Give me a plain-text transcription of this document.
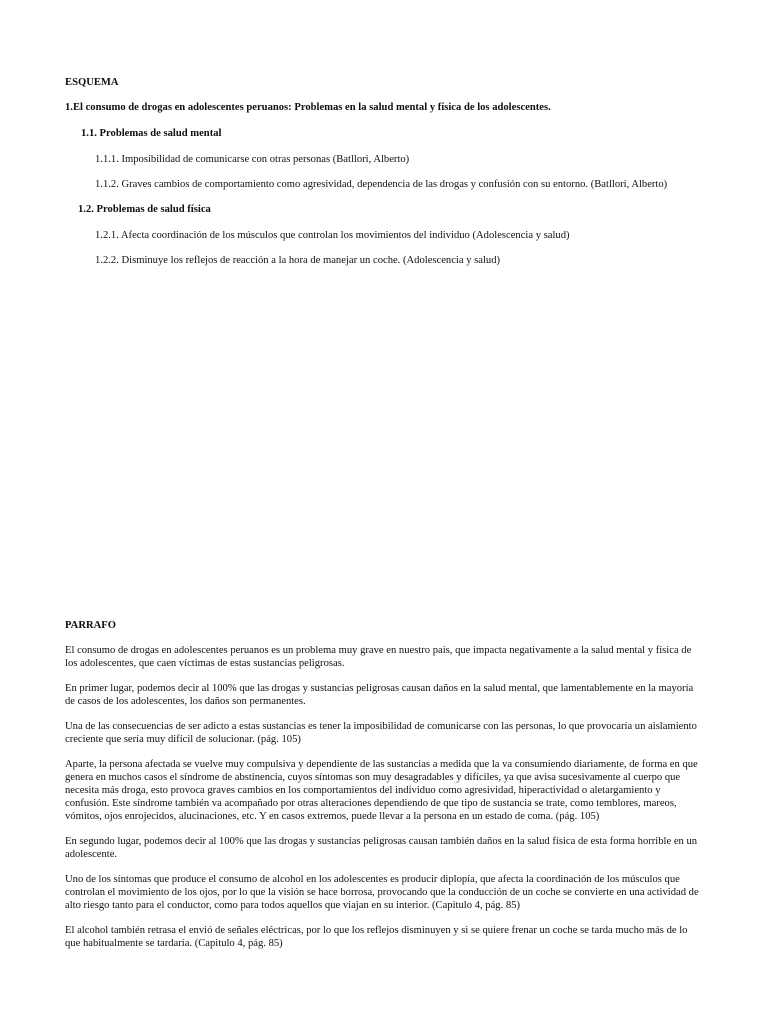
ESQUEMA
1.El consumo de drogas en adolescentes peruanos: Problemas en la salud mental y física de los adolescentes.
1.1. Problemas de salud mental
1.1.1. Imposibilidad de comunicarse con otras personas (Batllori, Alberto)
1.1.2. Graves cambios de comportamiento como agresividad, dependencia de las drogas y confusión con su entorno. (Batllori, Alberto)
1.2. Problemas de salud física
1.2.1. Afecta coordinación de los músculos que controlan los movimientos del individuo (Adolescencia y salud)
1.2.2. Disminuye los reflejos de reacción a la hora de manejar un coche. (Adolescencia y salud)
PARRAFO

El consumo de drogas en adolescentes peruanos es un problema muy grave en nuestro país, que impacta negativamente a la salud mental y física de los adolescentes, que caen víctimas de estas sustancias peligrosas.

En primer lugar, podemos decir al 100% que las drogas y sustancias peligrosas causan daños en la salud mental, que lamentablemente en la mayoría de casos de los adolescentes, los daños son permanentes.

Una de las consecuencias de ser adicto a estas sustancias es tener la imposibilidad de comunicarse con las personas, lo que provocaría un aislamiento creciente que sería muy difícil de solucionar. (pág. 105)

Aparte, la persona afectada se vuelve muy compulsiva y dependiente de las sustancias a medida que la va consumiendo diariamente, de forma en que genera en muchos casos el síndrome de abstinencia, cuyos síntomas son muy desagradables y difíciles, ya que avisa sucesivamente al cuerpo que necesita más droga, esto provoca graves cambios en los comportamientos del individuo como agresividad, hiperactividad o aletargamiento y confusión. Este síndrome también va acompañado por otras alteraciones dependiendo de que tipo de sustancia se trate, como temblores, mareos, vómitos, ojos enrojecidos, alucinaciones, etc. Y en casos extremos, puede llevar a la persona en un estado de coma. (pág. 105)

En segundo lugar, podemos decir al 100% que las drogas y sustancias peligrosas causan también daños en la salud física de esta forma horrible en un adolescente.

Uno de los síntomas que produce el consumo de alcohol en los adolescentes es producir diplopía, que afecta la coordinación de los músculos que controlan el movimiento de los ojos, por lo que la visión se hace borrosa, provocando que la conducción de un coche se convierte en una actividad de alto riesgo tanto para el conductor, como para todos aquellos que viajan en su interior. (Capitulo 4, pág. 85)

El alcohol también retrasa el envió de señales eléctricas, por lo que los reflejos disminuyen y si se quiere frenar un coche se tarda mucho más de lo que habitualmente se tardaría. (Capitulo 4, pág. 85)
